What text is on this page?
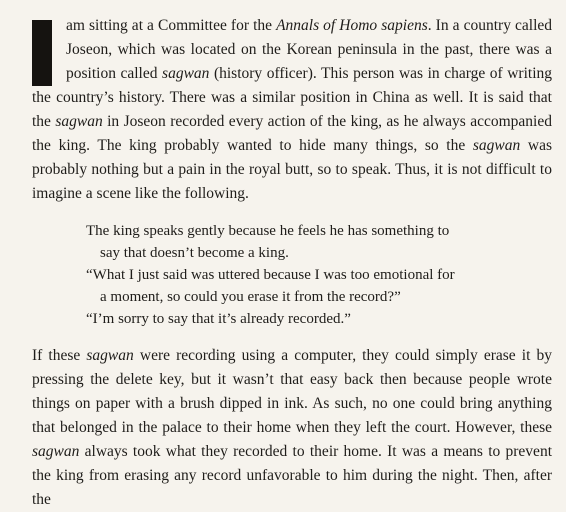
am sitting at a Committee for the Annals of Homo sapiens. In a country called Joseon, which was located on the Korean peninsula in the past, there was a position called sagwan (history officer). This person was in charge of writing the country’s history. There was a similar position in China as well. It is said that the sagwan in Joseon recorded every action of the king, as he always accompanied the king. The king probably wanted to hide many things, so the sagwan was probably nothing but a pain in the royal butt, so to speak. Thus, it is not difficult to imagine a scene like the following.

The king speaks gently because he feels he has something to

say that doesn’t become a king.

“What I just said was uttered because I was too emotional for

a moment, so could you erase it from the record?”

“I’m sorry to say that it’s already recorded.”

If these sagwan were recording using a computer, they could simply erase it by pressing the delete key, but it wasn’t that easy back then because people wrote things on paper with a brush dipped in ink. As such, no one could bring anything that belonged in the palace to their home when they left the court. However, these sagwan always took what they recorded to their home. It was a means to prevent the king from erasing any record unfavorable to him during the night. Then, after the
